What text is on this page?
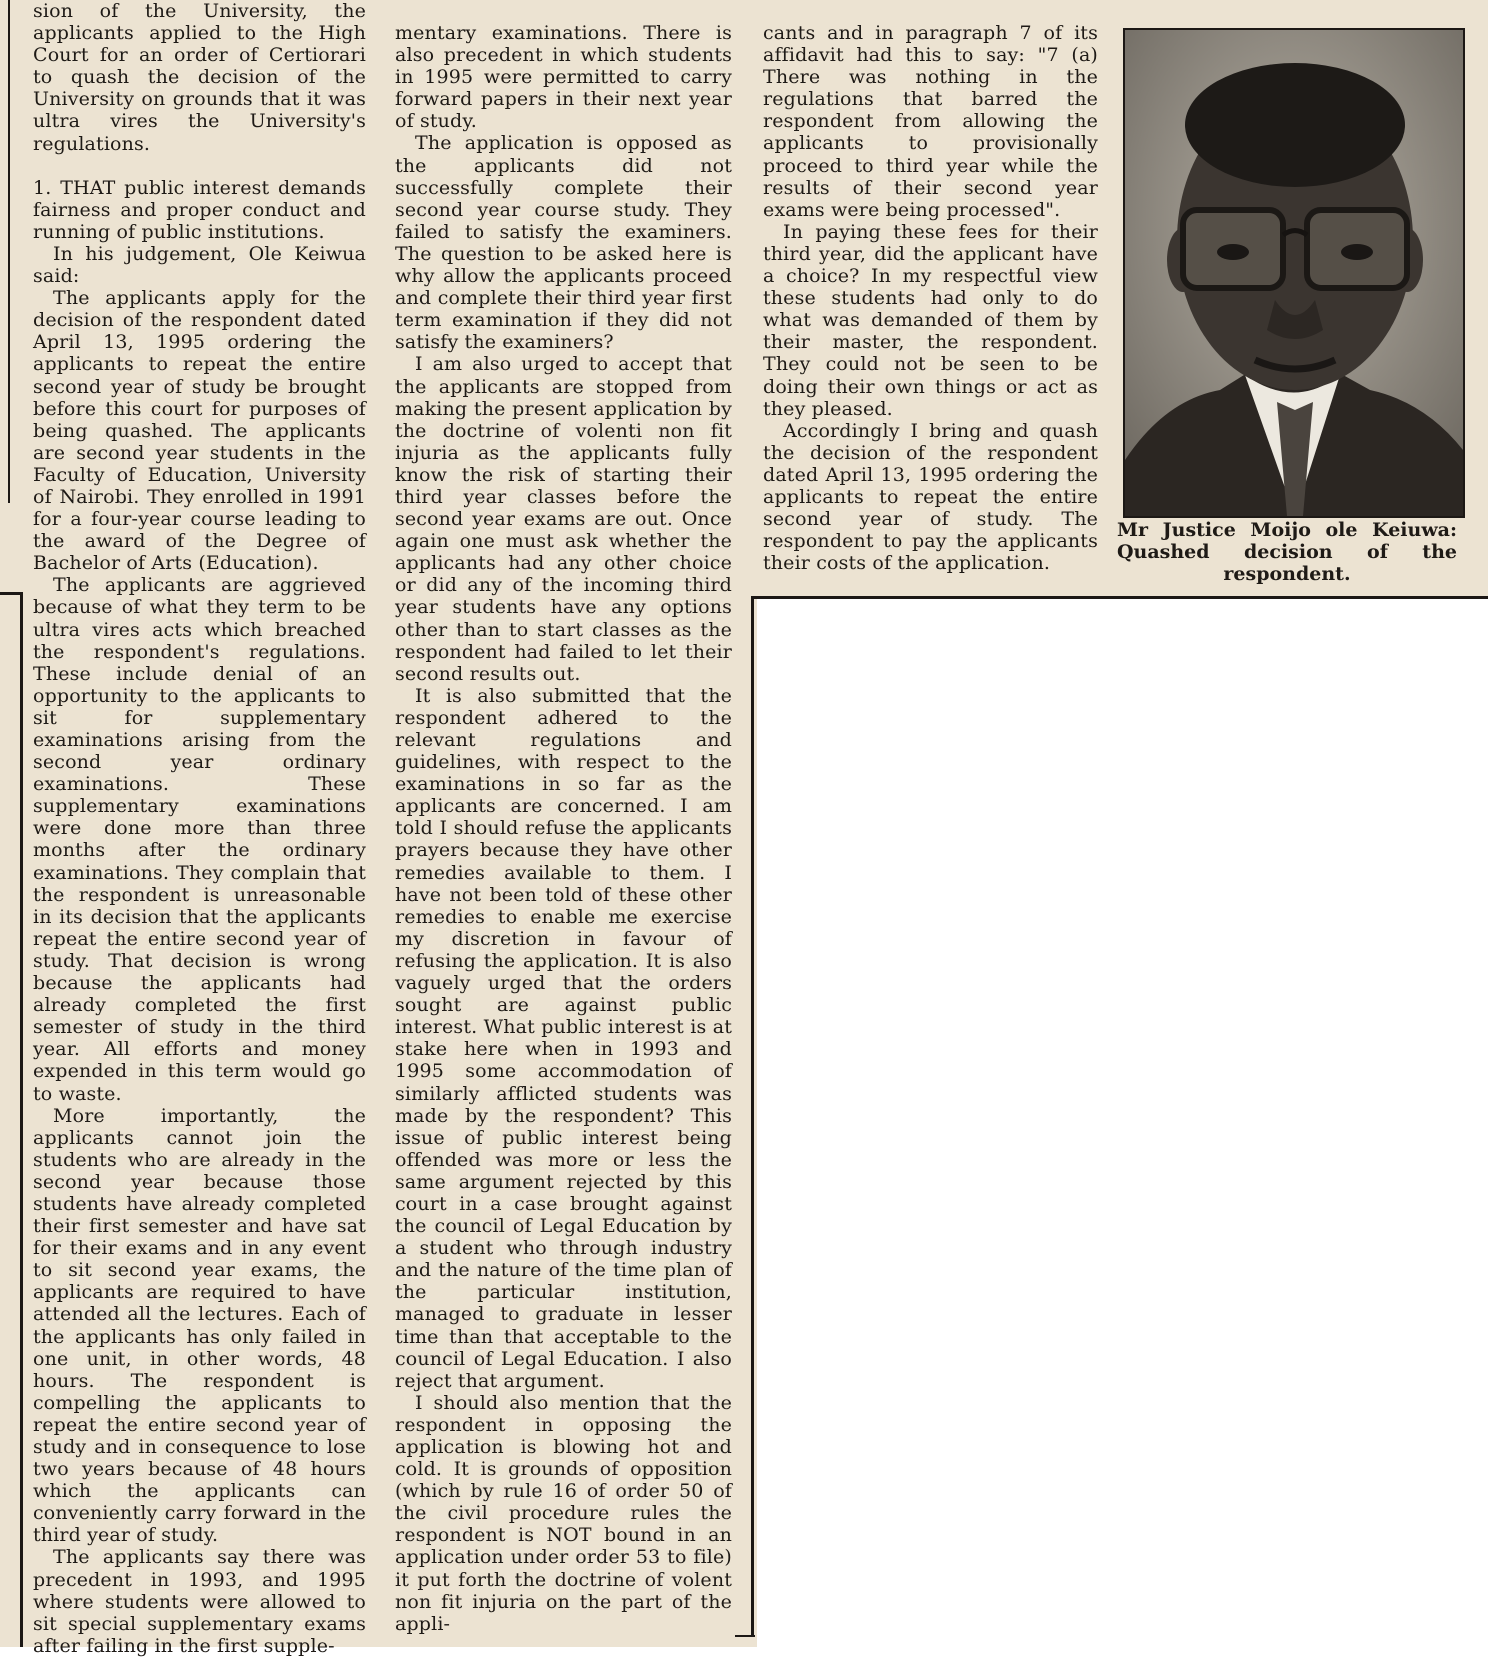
sion of the University, the applicants applied to the High Court for an order of Certiorari to quash the decision of the University on grounds that it was ultra vires the University's regulations.

1. THAT public interest demands fairness and proper conduct and running of public institutions.

In his judgement, Ole Keiwua said:

The applicants apply for the decision of the respondent dated April 13, 1995 ordering the applicants to repeat the entire second year of study be brought before this court for purposes of being quashed. The applicants are second year students in the Faculty of Education, University of Nairobi. They enrolled in 1991 for a four-year course leading to the award of the Degree of Bachelor of Arts (Education).

The applicants are aggrieved because of what they term to be ultra vires acts which breached the respondent's regulations. These include denial of an opportunity to the applicants to sit for supplementary examinations arising from the second year ordinary examinations. These supplementary examinations were done more than three months after the ordinary examinations. They complain that the respondent is unreasonable in its decision that the applicants repeat the entire second year of study. That decision is wrong because the applicants had already completed the first semester of study in the third year. All efforts and money expended in this term would go to waste.

More importantly, the applicants cannot join the students who are already in the second year because those students have already completed their first semester and have sat for their exams and in any event to sit second year exams, the applicants are required to have attended all the lectures. Each of the applicants has only failed in one unit, in other words, 48 hours. The respondent is compelling the applicants to repeat the entire second year of study and in consequence to lose two years because of 48 hours which the applicants can conveniently carry forward in the third year of study.

The applicants say there was precedent in 1993, and 1995 where students were allowed to sit special supplementary exams after failing in the first supple-

mentary examinations. There is also precedent in which students in 1995 were permitted to carry forward papers in their next year of study.

The application is opposed as the applicants did not successfully complete their second year course study. They failed to satisfy the examiners. The question to be asked here is why allow the applicants proceed and complete their third year first term examination if they did not satisfy the examiners?

I am also urged to accept that the applicants are stopped from making the present application by the doctrine of volenti non fit injuria as the applicants fully know the risk of starting their third year classes before the second year exams are out. Once again one must ask whether the applicants had any other choice or did any of the incoming third year students have any options other than to start classes as the respondent had failed to let their second results out.

It is also submitted that the respondent adhered to the relevant regulations and guidelines, with respect to the examinations in so far as the applicants are concerned. I am told I should refuse the applicants prayers because they have other remedies available to them. I have not been told of these other remedies to enable me exercise my discretion in favour of refusing the application. It is also vaguely urged that the orders sought are against public interest. What public interest is at stake here when in 1993 and 1995 some accommodation of similarly afflicted students was made by the respondent? This issue of public interest being offended was more or less the same argument rejected by this court in a case brought against the council of Legal Education by a student who through industry and the nature of the time plan of the particular institution, managed to graduate in lesser time than that acceptable to the council of Legal Education. I also reject that argument.

I should also mention that the respondent in opposing the application is blowing hot and cold. It is grounds of opposition (which by rule 16 of order 50 of the civil procedure rules the respondent is NOT bound in an application under order 53 to file) it put forth the doctrine of volent non fit injuria on the part of the appli-

cants and in paragraph 7 of its affidavit had this to say: "7 (a) There was nothing in the regulations that barred the respondent from allowing the applicants to provisionally proceed to third year while the results of their second year exams were being processed".

In paying these fees for their third year, did the applicant have a choice? In my respectful view these students had only to do what was demanded of them by their master, the respondent. They could not be seen to be doing their own things or act as they pleased.

Accordingly I bring and quash the decision of the respondent dated April 13, 1995 ordering the applicants to repeat the entire second year of study. The respondent to pay the applicants their costs of the application.

Mr Justice Moijo ole Keiuwa: Quashed decision of the respondent.
